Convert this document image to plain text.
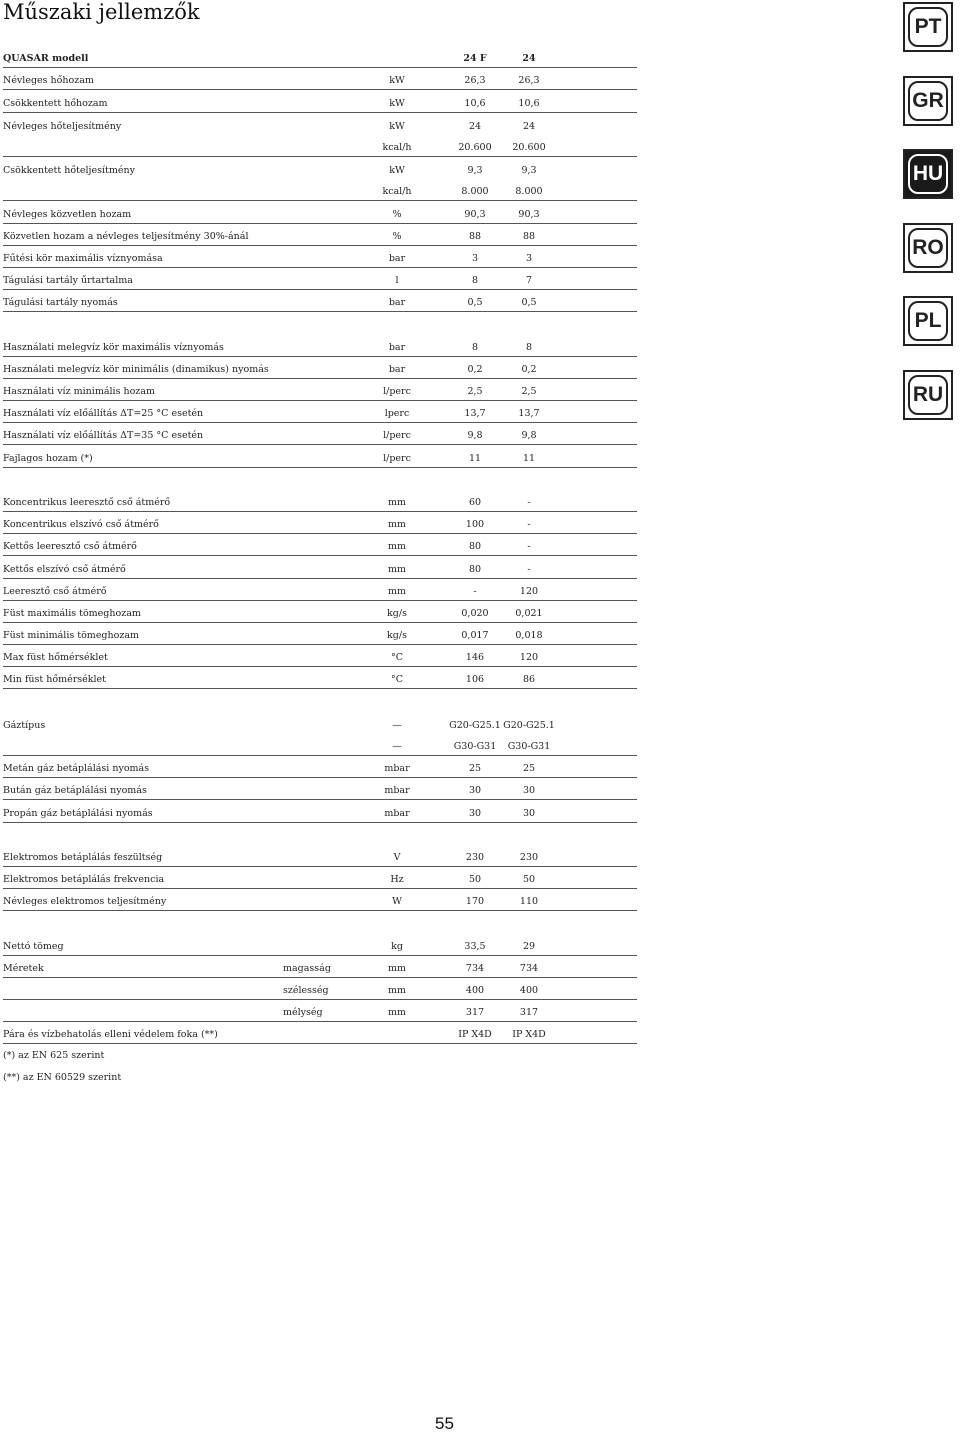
Műszaki jellemzők
QUASAR modell	24 F	24
Névleges hőhozam	kW	26,3	26,3
Csökkentett hőhozam	kW	10,6	10,6
Névleges hőteljesítmény	kW	24	24
kcal/h	20.600	20.600
Csökkentett hőteljesítmény	kW	9,3	9,3
kcal/h	8.000	8.000
Névleges közvetlen hozam	%	90,3	90,3
Közvetlen hozam a névleges teljesítmény 30%-ánál	%	88	88
Fűtési kör maximális víznyomása	bar	3	3
Tágulási tartály űrtartalma	l	8	7
Tágulási tartály nyomás	bar	0,5	0,5
Használati melegvíz kör maximális víznyomás	bar	8	8
Használati melegvíz kör minimális (dinamikus) nyomás	bar	0,2	0,2
Használati víz minimális hozam	l/perc	2,5	2,5
Használati víz előállítás ΔT=25 °C esetén	lperc	13,7	13,7
Használati víz előállítás ΔT=35 °C esetén	l/perc	9,8	9,8
Fajlagos hozam (*)	l/perc	11	11
Koncentrikus leeresztő cső átmérő	mm	60	-
Koncentrikus elszívó cső átmérő	mm	100	-
Kettős leeresztő cső átmérő	mm	80	-
Kettős elszívó cső átmérő	mm	80	-
Leeresztő cső átmérő	mm	-	120
Füst maximális tömeghozam	kg/s	0,020	0,021
Füst minimális tömeghozam	kg/s	0,017	0,018
Max füst hőmérséklet	°C	146	120
Min füst hőmérséklet	°C	106	86
Gáztípus	—	G20-G25.1 G20-G25.1
—	G30-G31	G30-G31
Metán gáz betáplálási nyomás	mbar	25	25
Bután gáz betáplálási nyomás	mbar	30	30
Propán gáz betáplálási nyomás	mbar	30	30
Elektromos betáplálás feszültség	V	230	230
Elektromos betáplálás frekvencia	Hz	50	50
Névleges elektromos teljesítmény	W	170	110
Nettó tömeg	kg	33,5	29
Méretek	magasság	mm	734	734
szélesség	mm	400	400
mélység	mm	317	317
Pára és vízbehatolás elleni védelem foka (**)	IP X4D	IP X4D
PT
GR
HU
RO
PL
RU
(*) az EN 625 szerint
(**) az EN 60529 szerint
55
